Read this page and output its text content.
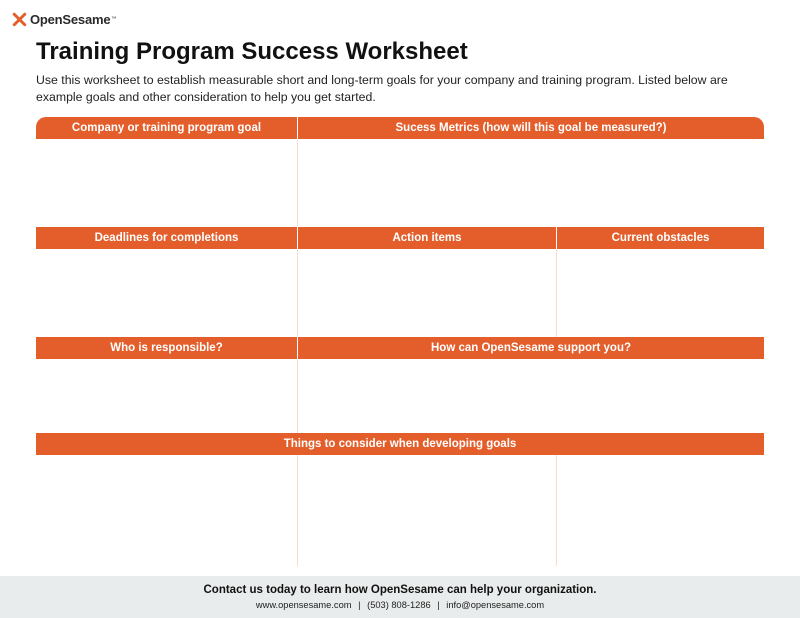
OpenSesame ™
Training Program Success Worksheet

Use this worksheet to establish measurable short and long-term goals for your company and training program. Listed below are example goals and other consideration to help you get started.

Company or training program goal	Sucess Metrics (how will this goal be measured?)
Deadlines for completions	Action items	Current obstacles
Who is responsible?	How can OpenSesame support you?
Things to consider when developing goals
Contact us today to learn how OpenSesame can help your organization.
www.opensesame.com | (503) 808-1286 | info@opensesame.com
